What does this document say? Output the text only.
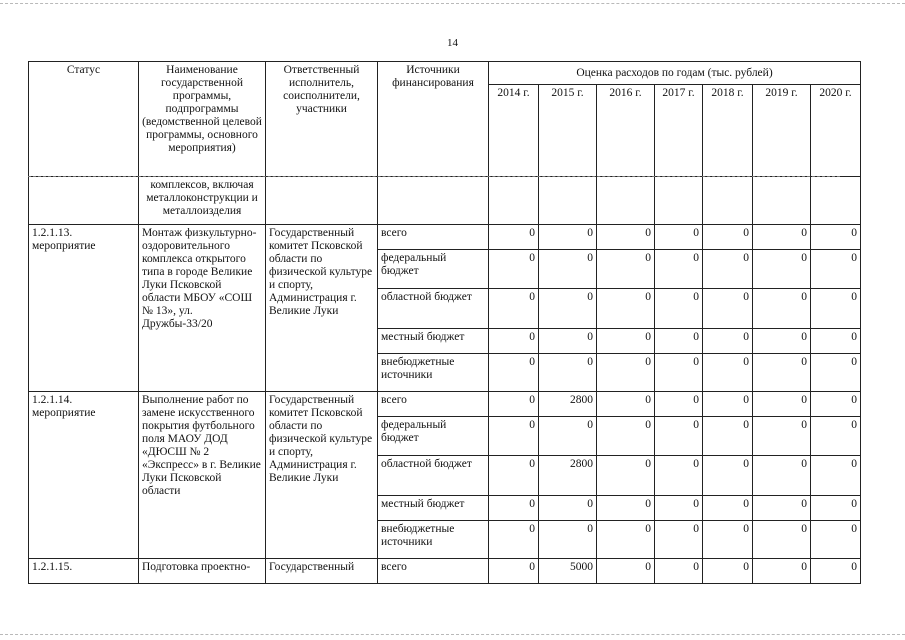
14
Статус	Наименование государственной программы, подпрограммы (ведомственной целевой программы, основного мероприятия)	Ответственный исполнитель, соисполнители, участники	Источники финансирования	Оценка расходов по годам (тыс. рублей)						
				2014 г.	2015 г.	2016 г.	2017 г.	2018 г.	2019 г.	2020 г.
	комплексов, включая металлоконструкции и металлоизделия									
1.2.1.13. мероприятие	Монтаж физкультурно-оздоровительного комплекса открытого типа в городе Великие Луки Псковской области МБОУ «СОШ № 13», ул. Дружбы-33/20	Государственный комитет Псковской области по физической культуре и спорту, Администрация г. Великие Луки	всего	0	0	0	0	0	0	0
			федеральный бюджет	0	0	0	0	0	0	0
			областной бюджет	0	0	0	0	0	0	0
			местный бюджет	0	0	0	0	0	0	0
			внебюджетные источники	0	0	0	0	0	0	0
1.2.1.14. мероприятие	Выполнение работ по замене искусственного покрытия футбольного поля МАОУ ДОД «ДЮСШ № 2 «Экспресс» в г. Великие Луки Псковской области	Государственный комитет Псковской области по физической культуре и спорту, Администрация г. Великие Луки	всего	0	2800	0	0	0	0	0
			федеральный бюджет	0	0	0	0	0	0	0
			областной бюджет	0	2800	0	0	0	0	0
			местный бюджет	0	0	0	0	0	0	0
			внебюджетные источники	0	0	0	0	0	0	0
1.2.1.15.	Подготовка проектно-	Государственный	всего	0	5000	0	0	0	0	0
